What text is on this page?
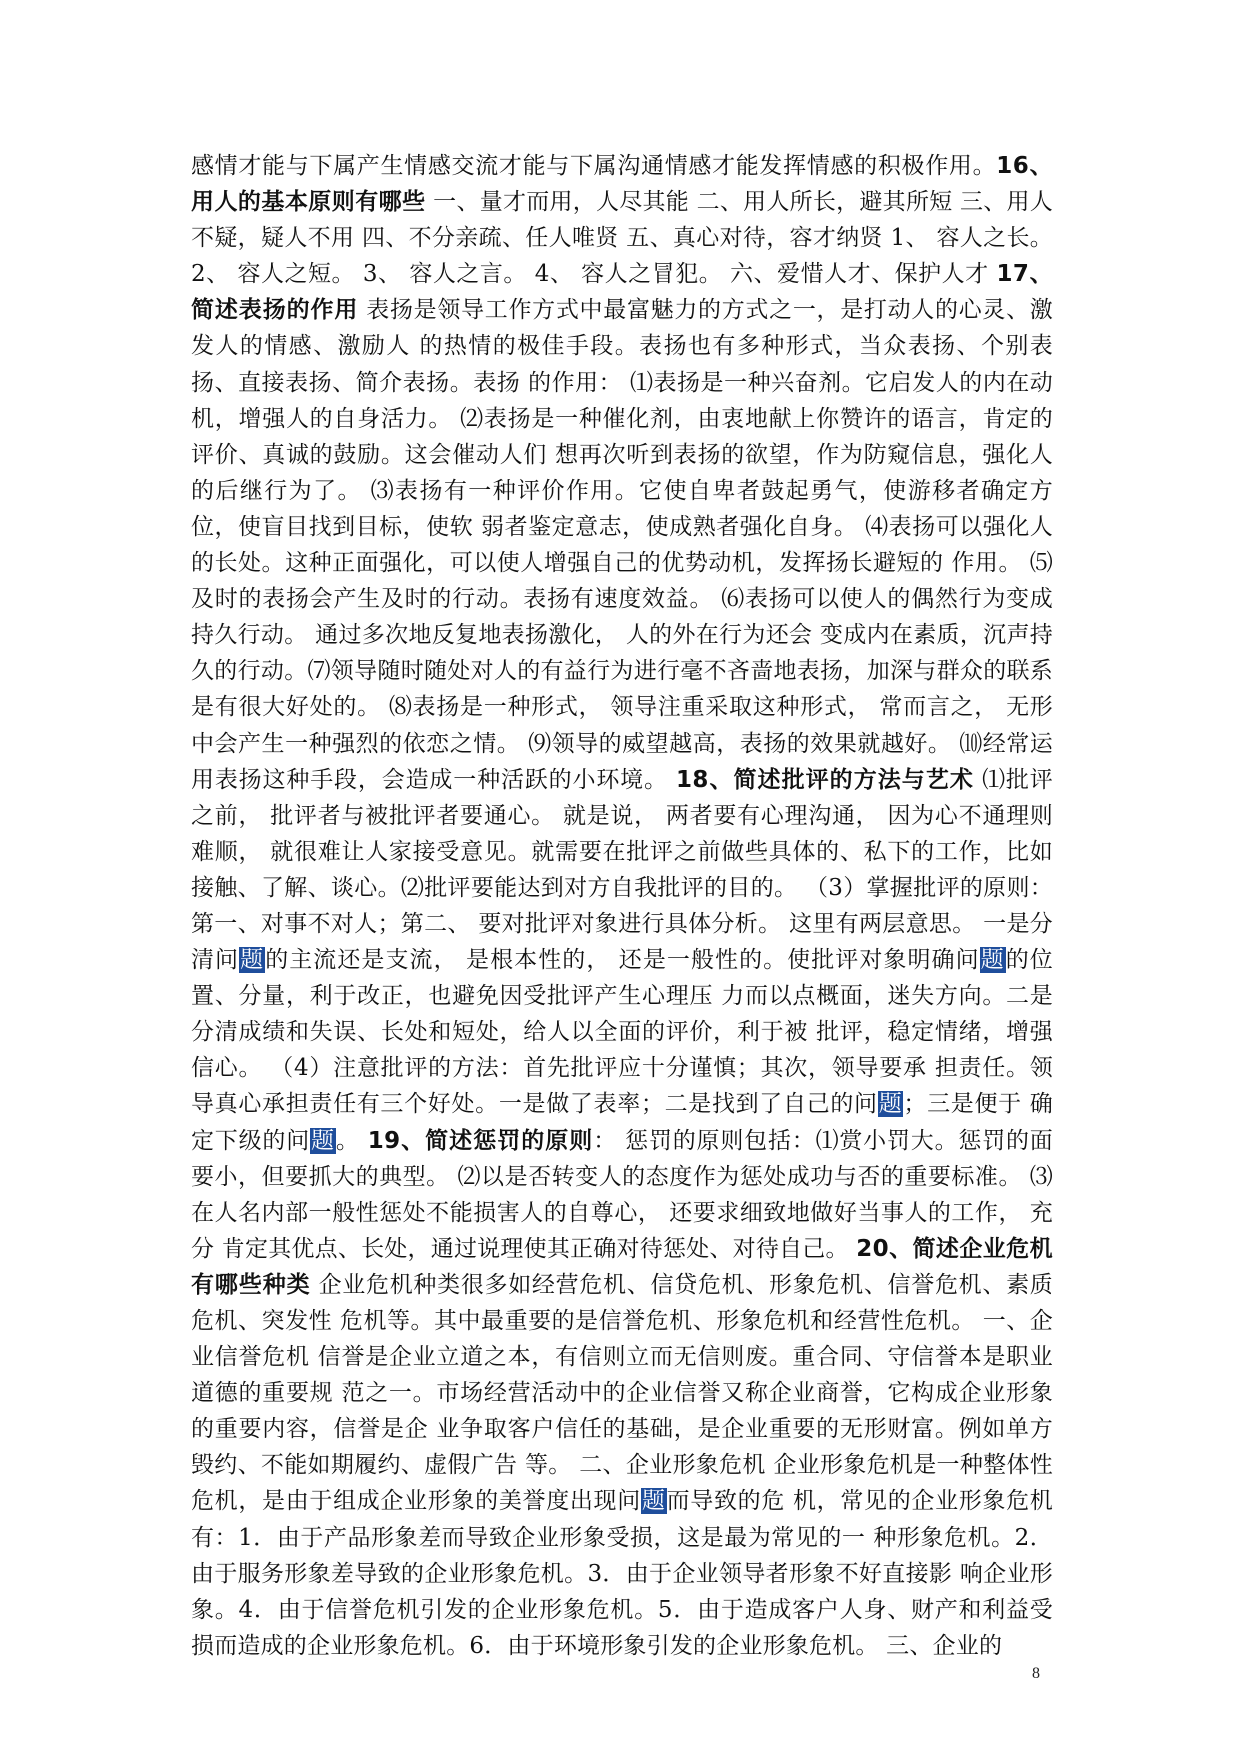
感情才能与下属产生情感交流才能与下属沟通情感才能发挥情感的积极作用。16、用人的基本原则有哪些 一、量才而用，人尽其能 二、用人所长，避其所短 三、用人不疑，疑人不用 四、不分亲疏、任人唯贤 五、真心对待，容才纳贤 1、 容人之长。 2、 容人之短。 3、 容人之言。 4、 容人之冒犯。 六、爱惜人才、保护人才 17、简述表扬的作用 表扬是领导工作方式中最富魅力的方式之一，是打动人的心灵、激发人的情感、激励人 的热情的极佳手段。表扬也有多种形式，当众表扬、个别表扬、直接表扬、简介表扬。表扬 的作用： ⑴表扬是一种兴奋剂。它启发人的内在动机，增强人的自身活力。 ⑵表扬是一种催化剂，由衷地献上你赞许的语言，肯定的评价、真诚的鼓励。这会催动人们 想再次听到表扬的欲望，作为防窥信息，强化人的后继行为了。 ⑶表扬有一种评价作用。它使自卑者鼓起勇气，使游移者确定方位，使盲目找到目标，使软 弱者鉴定意志，使成熟者强化自身。 ⑷表扬可以强化人的长处。这种正面强化，可以使人增强自己的优势动机，发挥扬长避短的 作用。 ⑸及时的表扬会产生及时的行动。表扬有速度效益。 ⑹表扬可以使人的偶然行为变成持久行动。 通过多次地反复地表扬激化， 人的外在行为还会 变成内在素质，沉声持久的行动。⑺领导随时随处对人的有益行为进行毫不吝啬地表扬，加深与群众的联系是有很大好处的。 ⑻表扬是一种形式， 领导注重采取这种形式， 常而言之， 无形中会产生一种强烈的依恋之情。 ⑼领导的威望越高，表扬的效果就越好。 ⑽经常运用表扬这种手段，会造成一种活跃的小环境。 18、简述批评的方法与艺术 ⑴批评之前， 批评者与被批评者要通心。 就是说， 两者要有心理沟通， 因为心不通理则难顺， 就很难让人家接受意见。就需要在批评之前做些具体的、私下的工作，比如接触、了解、谈心。⑵批评要能达到对方自我批评的目的。 （3）掌握批评的原则：第一、对事不对人；第二、 要对批评对象进行具体分析。 这里有两层意思。 一是分清问题的主流还是支流， 是根本性的， 还是一般性的。使批评对象明确问题的位置、分量，利于改正，也避免因受批评产生心理压 力而以点概面，迷失方向。二是分清成绩和失误、长处和短处，给人以全面的评价，利于被 批评，稳定情绪，增强信心。 （4）注意批评的方法：首先批评应十分谨慎；其次，领导要承 担责任。领导真心承担责任有三个好处。一是做了表率；二是找到了自己的问题；三是便于 确定下级的问题。 19、简述惩罚的原则： 惩罚的原则包括：⑴赏小罚大。惩罚的面要小，但要抓大的典型。 ⑵以是否转变人的态度作为惩处成功与否的重要标准。 ⑶在人名内部一般性惩处不能损害人的自尊心， 还要求细致地做好当事人的工作， 充分 肯定其优点、长处，通过说理使其正确对待惩处、对待自己。 20、简述企业危机有哪些种类 企业危机种类很多如经营危机、信贷危机、形象危机、信誉危机、素质危机、突发性 危机等。其中最重要的是信誉危机、形象危机和经营性危机。 一、企业信誉危机 信誉是企业立道之本，有信则立而无信则废。重合同、守信誉本是职业道德的重要规 范之一。市场经营活动中的企业信誉又称企业商誉，它构成企业形象的重要内容，信誉是企 业争取客户信任的基础，是企业重要的无形财富。例如单方毁约、不能如期履约、虚假广告 等。 二、企业形象危机 企业形象危机是一种整体性危机，是由于组成企业形象的美誉度出现问题而导致的危 机，常见的企业形象危机有：1．由于产品形象差而导致企业形象受损，这是最为常见的一 种形象危机。2．由于服务形象差导致的企业形象危机。3．由于企业领导者形象不好直接影 响企业形象。4．由于信誉危机引发的企业形象危机。5．由于造成客户人身、财产和利益受损而造成的企业形象危机。6．由于环境形象引发的企业形象危机。 三、企业的
8
